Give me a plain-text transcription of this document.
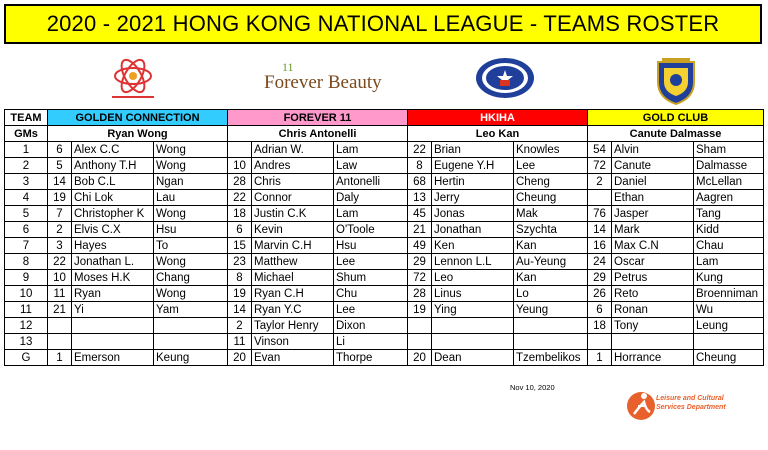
2020 - 2021 HONG KONG NATIONAL LEAGUE - TEAMS ROSTER
11
Forever Beauty
TEAM	GOLDEN CONNECTION			FOREVER 11			HKIHA			GOLD CLUB		
GMs	Ryan Wong			Chris Antonelli			Leo Kan			Canute Dalmasse		
1	6	Alex C.C	Wong		Adrian W.	Lam	22	Brian	Knowles	54	Alvin	Sham
2	5	Anthony T.H	Wong	10	Andres	Law	8	Eugene Y.H	Lee	72	Canute	Dalmasse
3	14	Bob C.L	Ngan	28	Chris	Antonelli	68	Hertin	Cheng	2	Daniel	McLellan
4	19	Chi Lok	Lau	22	Connor	Daly	13	Jerry	Cheung		Ethan	Aagren
5	7	Christopher K	Wong	18	Justin C.K	Lam	45	Jonas	Mak	76	Jasper	Tang
6	2	Elvis C.X	Hsu	6	Kevin	O'Toole	21	Jonathan	Szychta	14	Mark	Kidd
7	3	Hayes	To	15	Marvin C.H	Hsu	49	Ken	Kan	16	Max C.N	Chau
8	22	Jonathan L.	Wong	23	Matthew	Lee	29	Lennon L.L	Au-Yeung	24	Oscar	Lam
9	10	Moses H.K	Chang	8	Michael	Shum	72	Leo	Kan	29	Petrus	Kung
10	11	Ryan	Wong	19	Ryan C.H	Chu	28	Linus	Lo	26	Reto	Broenniman
11	21	Yi	Yam	14	Ryan Y.C	Lee	19	Ying	Yeung	6	Ronan	Wu
12				2	Taylor Henry	Dixon				18	Tony	Leung
13				11	Vinson	Li						
G	1	Emerson	Keung	20	Evan	Thorpe	20	Dean	Tzembelikos	1	Horrance	Cheung
Nov 10, 2020
Leisure and Cultural
Services Department
